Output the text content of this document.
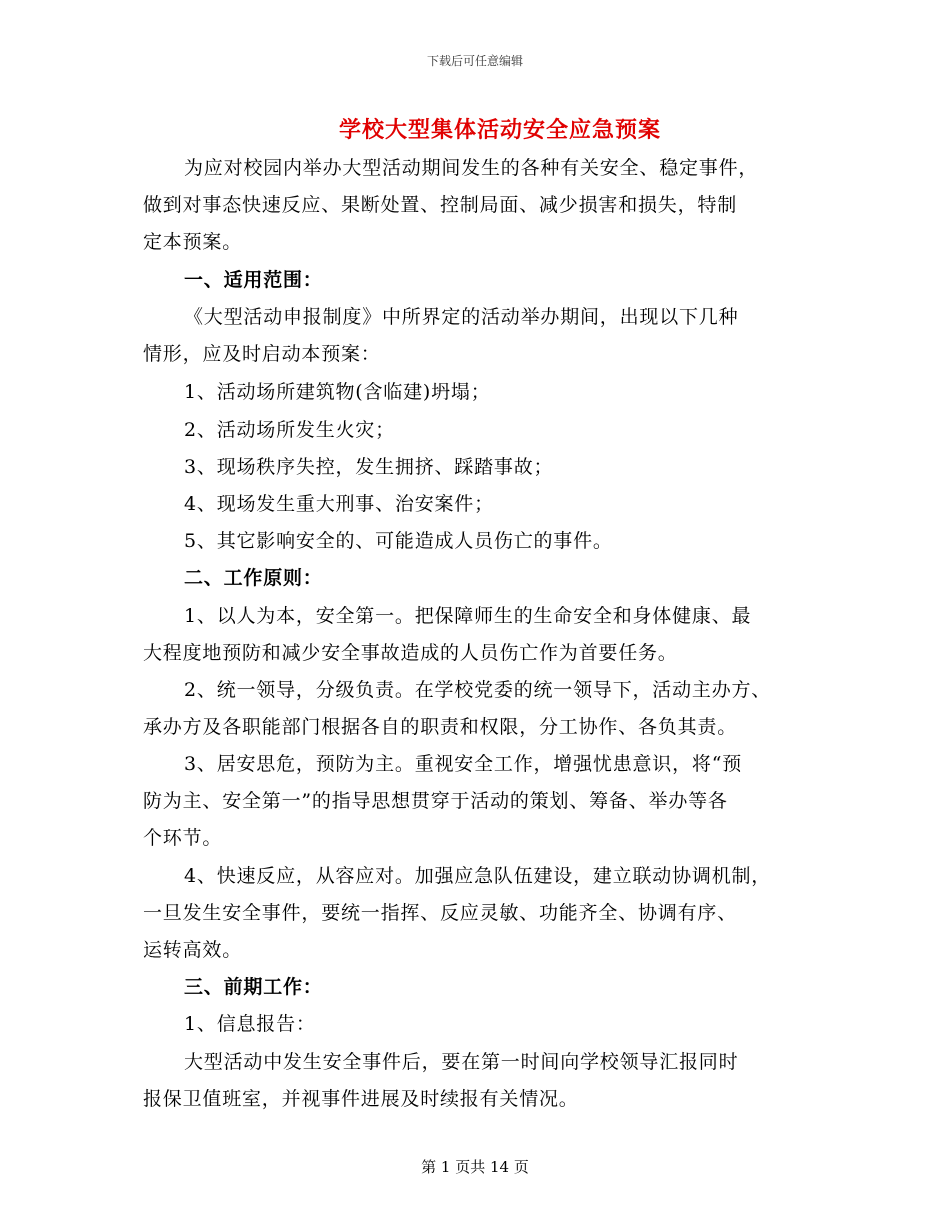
下载后可任意编辑
学校大型集体活动安全应急预案
为应对校园内举办大型活动期间发生的各种有关安全、稳定事件，
做到对事态快速反应、果断处置、控制局面、减少损害和损失，特制
定本预案。
一、适用范围：
《大型活动申报制度》中所界定的活动举办期间，出现以下几种
情形，应及时启动本预案：
1、活动场所建筑物(含临建)坍塌；
2、活动场所发生火灾；
3、现场秩序失控，发生拥挤、踩踏事故；
4、现场发生重大刑事、治安案件；
5、其它影响安全的、可能造成人员伤亡的事件。
二、工作原则：
1、以人为本，安全第一。把保障师生的生命安全和身体健康、最
大程度地预防和减少安全事故造成的人员伤亡作为首要任务。
2、统一领导，分级负责。在学校党委的统一领导下，活动主办方、
承办方及各职能部门根据各自的职责和权限，分工协作、各负其责。
3、居安思危，预防为主。重视安全工作，增强忧患意识，将“预
防为主、安全第一”的指导思想贯穿于活动的策划、筹备、举办等各
个环节。
4、快速反应，从容应对。加强应急队伍建设，建立联动协调机制，
一旦发生安全事件，要统一指挥、反应灵敏、功能齐全、协调有序、
运转高效。
三、前期工作：
1、信息报告：
大型活动中发生安全事件后，要在第一时间向学校领导汇报同时
报保卫值班室，并视事件进展及时续报有关情况。
第 1 页共 14 页
